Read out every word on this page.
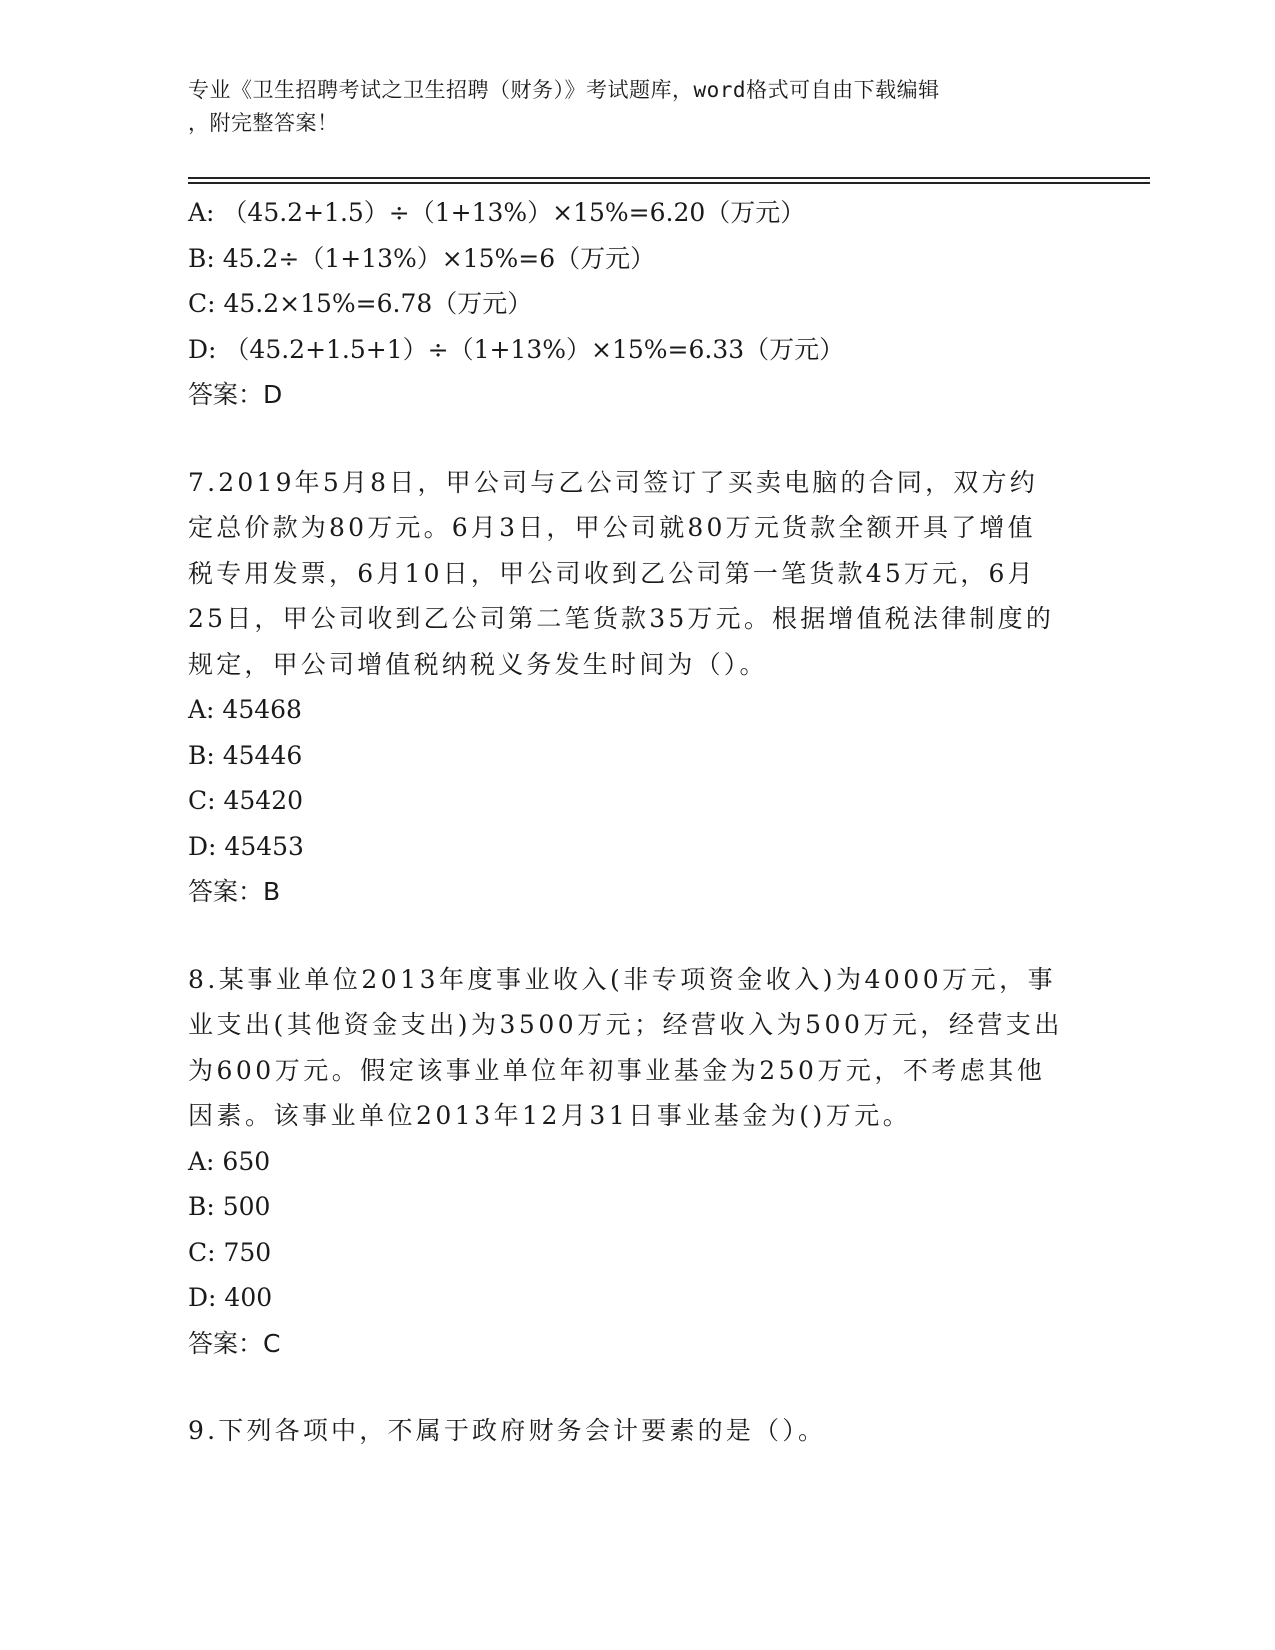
专业《卫生招聘考试之卫生招聘（财务）》考试题库，word格式可自由下载编辑
，附完整答案！
A: （45.2+1.5）÷（1+13%）×15%=6.20（万元）
B: 45.2÷（1+13%）×15%=6（万元）
C: 45.2×15%=6.78（万元）
D: （45.2+1.5+1）÷（1+13%）×15%=6.33（万元）
答案：D
7.2019年5月8日，甲公司与乙公司签订了买卖电脑的合同，双方约
定总价款为80万元。6月3日，甲公司就80万元货款全额开具了增值
税专用发票，6月10日，甲公司收到乙公司第一笔货款45万元，6月
25日，甲公司收到乙公司第二笔货款35万元。根据增值税法律制度的
规定，甲公司增值税纳税义务发生时间为（）。
A: 45468
B: 45446
C: 45420
D: 45453
答案：B
8.某事业单位2013年度事业收入(非专项资金收入)为4000万元，事
业支出(其他资金支出)为3500万元；经营收入为500万元，经营支出
为600万元。假定该事业单位年初事业基金为250万元，不考虑其他
因素。该事业单位2013年12月31日事业基金为()万元。
A: 650
B: 500
C: 750
D: 400
答案：C
9.下列各项中，不属于政府财务会计要素的是（）。
